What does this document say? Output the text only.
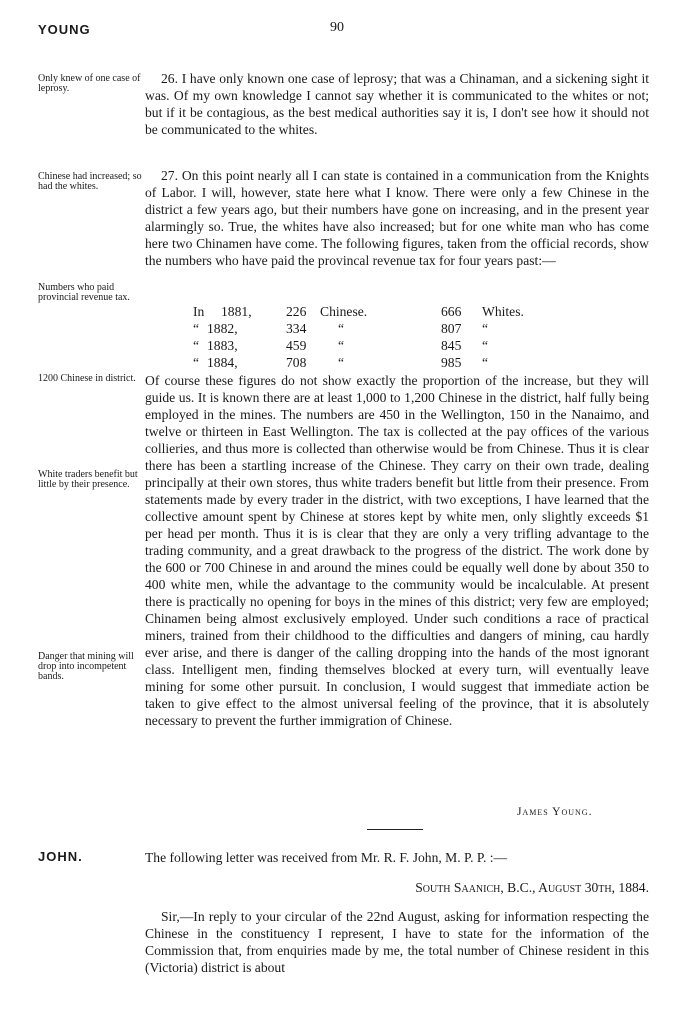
YOUNG	90
Only knew of one case of leprosy.
Chinese had increased; so had the whites.
Numbers who paid provincial revenue tax.
1200 Chinese in district.
White traders benefit but little by their presence.
Danger that mining will drop into incompetent bands.

26. I have only known one case of leprosy; that was a Chinaman, and a sickening sight it was. Of my own knowledge I cannot say whether it is communicated to the whites or not; but if it be contagious, as the best medical authorities say it is, I don't see how it should not be communicated to the whites.

27. On this point nearly all I can state is contained in a communication from the Knights of Labor. I will, however, state here what I know. There were only a few Chinese in the district a few years ago, but their numbers have gone on increasing, and in the present year alarmingly so. True, the whites have also increased; but for one white man who has come here two Chinamen have come. The following figures, taken from the official records, show the numbers who have paid the provincal revenue tax for four years past:—

In 1881,	226 Chinese.	666 Whites.
“ 1882,	334 “	807 “
“ 1883,	459 “	845 “
“ 1884,	708 “	985 “

Of course these figures do not show exactly the proportion of the increase, but they will guide us. It is known there are at least 1,000 to 1,200 Chinese in the district, half fully being employed in the mines. The numbers are 450 in the Wellington, 150 in the Nanaimo, and twelve or thirteen in East Wellington. The tax is collected at the pay offices of the various collieries, and thus more is collected than otherwise would be from Chinese. Thus it is clear there has been a startling increase of the Chinese. They carry on their own trade, dealing principally at their own stores, thus white traders benefit but little from their presence. From statements made by every trader in the district, with two exceptions, I have learned that the collective amount spent by Chinese at stores kept by white men, only slightly exceeds $1 per head per month. Thus it is is clear that they are only a very trifling advantage to the trading community, and a great drawback to the progress of the district. The work done by the 600 or 700 Chinese in and around the mines could be equally well done by about 350 to 400 white men, while the advantage to the community would be incalculable. At present there is practically no opening for boys in the mines of this district; very few are employed; Chinamen being almost exclusively employed. Under such conditions a race of practical miners, trained from their childhood to the difficulties and dangers of mining, cau hardly ever arise, and there is danger of the calling dropping into the hands of the most ignorant class. Intelligent men, finding themselves blocked at every turn, will eventually leave mining for some other pursuit. In conclusion, I would suggest that immediate action be taken to give effect to the almost universal feeling of the province, that it is absolutely necessary to prevent the further immigration of Chinese.

James Young.
JOHN.	The following letter was received from Mr. R. F. John, M. P. P. :—

South Saanich, B.C., August 30th, 1884.

Sir,—In reply to your circular of the 22nd August, asking for information respecting the Chinese in the constituency I represent, I have to state for the information of the Commission that, from enquiries made by me, the total number of Chinese resident in this (Victoria) district is about
